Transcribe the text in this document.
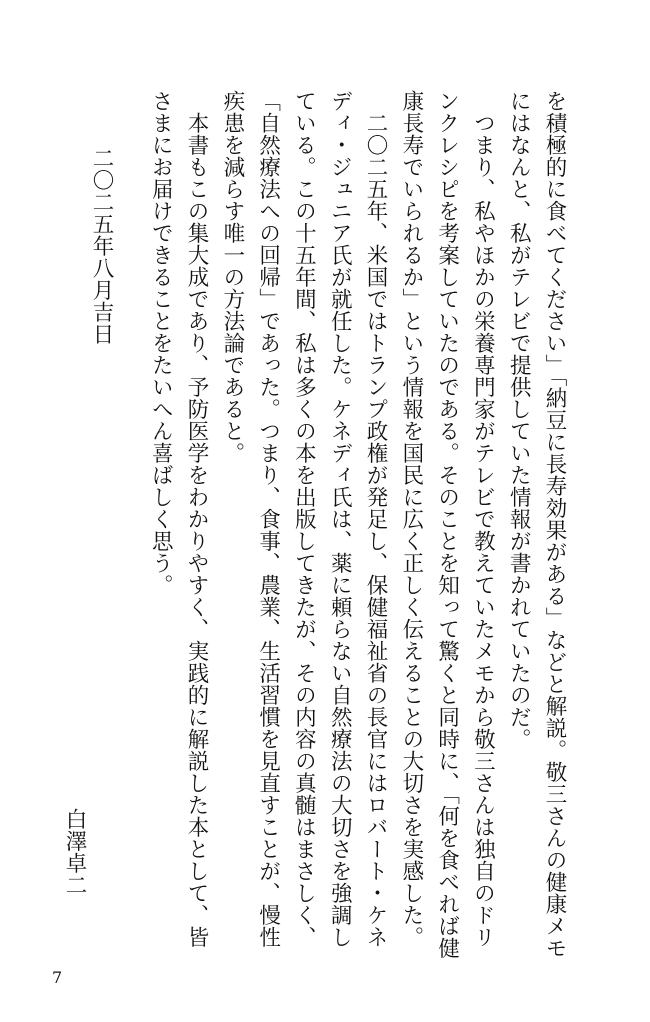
を積極的に食べてください」「納豆に長寿効果がある」などと解説。敬三さんの健康メモにはなんと、私がテレビで提供していた情報が書かれていたのだ。

つまり、私やほかの栄養専門家がテレビで教えていたメモから敬三さんは独自のドリンクレシピを考案していたのである。そのことを知って驚くと同時に、「何を食べれば健康長寿でいられるか」という情報を国民に広く正しく伝えることの大切さを実感した。

二〇二五年、米国ではトランプ政権が発足し、保健福祉省の長官にはロバート・ケネディ・ジュニア氏が就任した。ケネディ氏は、薬に頼らない自然療法の大切さを強調している。この十五年間、私は多くの本を出版してきたが、その内容の真髄はまさしく、「自然療法への回帰」であった。つまり、食事、農業、生活習慣を見直すことが、慢性疾患を減らす唯一の方法論であると。

本書もこの集大成であり、予防医学をわかりやすく、実践的に解説した本として、皆さまにお届けできることをたいへん喜ばしく思う。

二〇二五年八月吉日

白澤卓二

7
